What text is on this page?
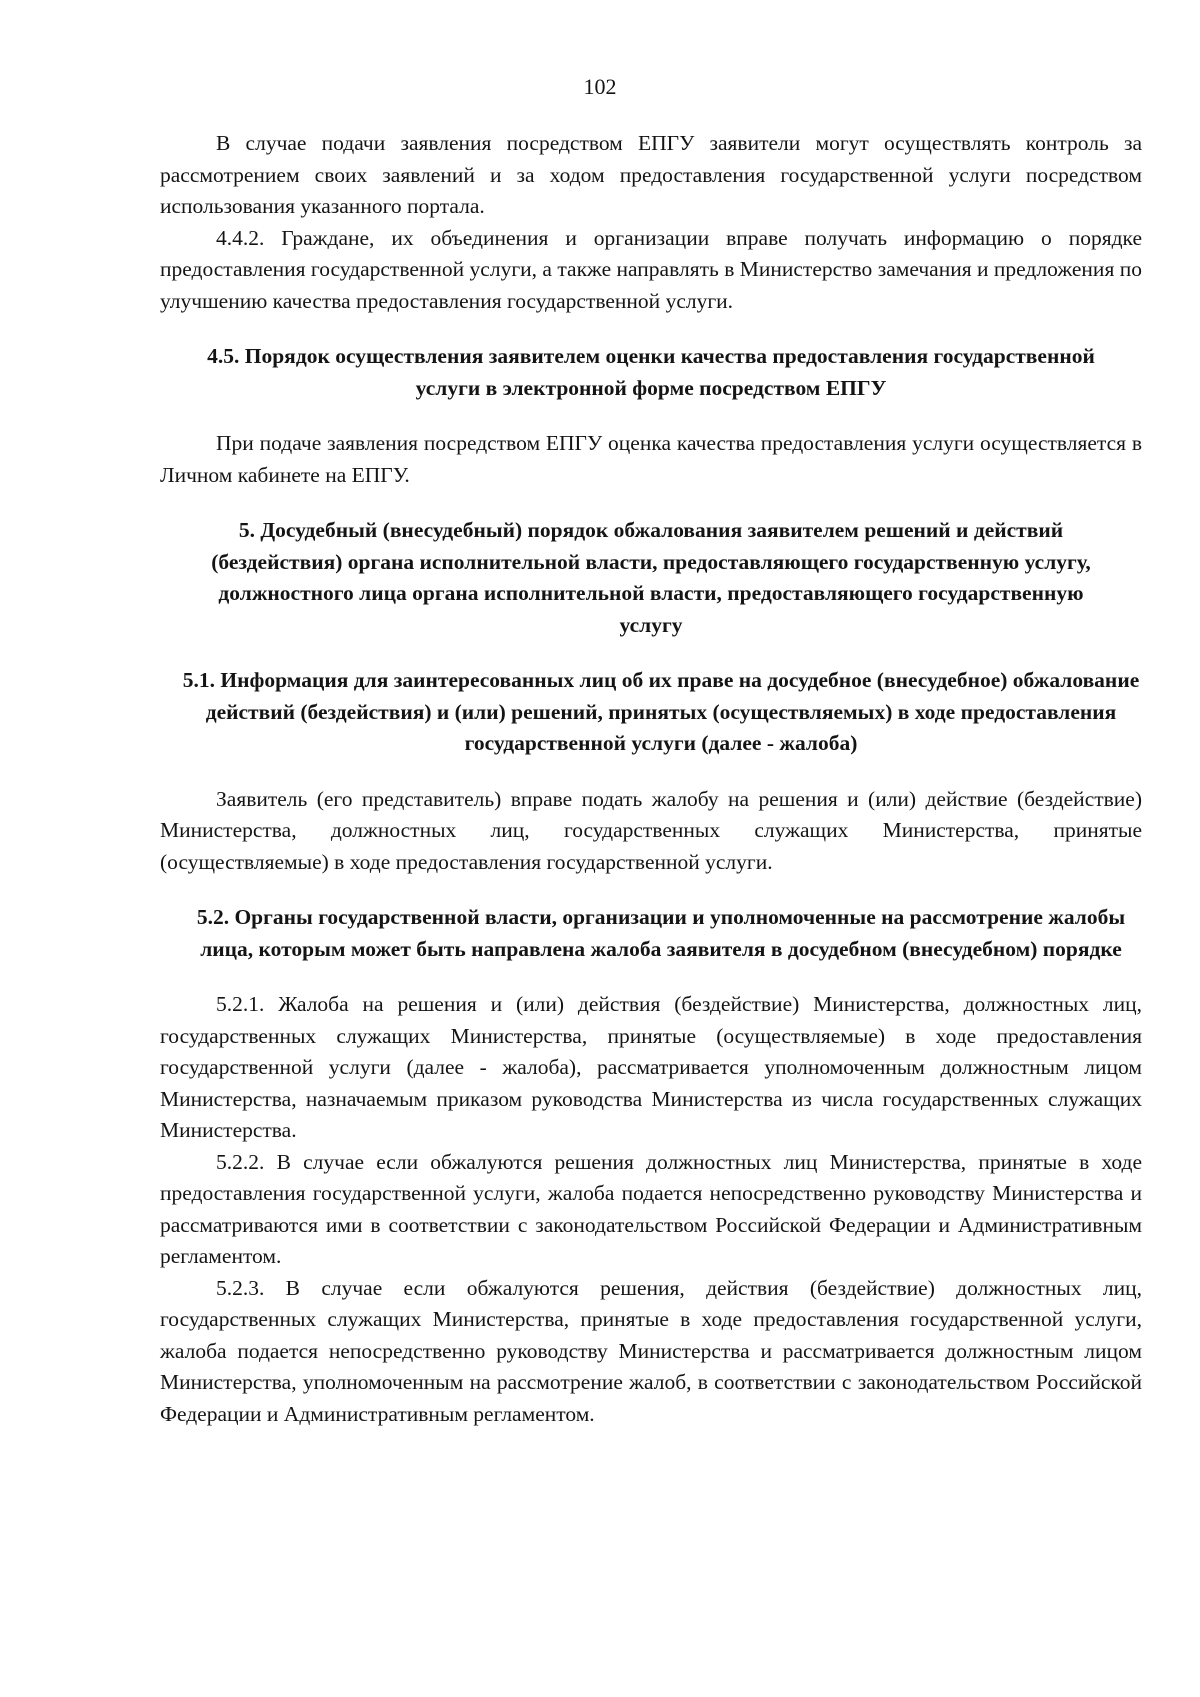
102

В случае подачи заявления посредством ЕПГУ заявители могут осуществлять контроль за рассмотрением своих заявлений и за ходом предоставления государственной услуги посредством использования указанного портала.

4.4.2. Граждане, их объединения и организации вправе получать информацию о порядке предоставления государственной услуги, а также направлять в Министерство замечания и предложения по улучшению качества предоставления государственной услуги.

4.5. Порядок осуществления заявителем оценки качества предоставления государственной услуги в электронной форме посредством ЕПГУ

При подаче заявления посредством ЕПГУ оценка качества предоставления услуги осуществляется в Личном кабинете на ЕПГУ.

5. Досудебный (внесудебный) порядок обжалования заявителем решений и действий (бездействия) органа исполнительной власти, предоставляющего государственную услугу, должностного лица органа исполнительной власти, предоставляющего государственную услугу
5.1. Информация для заинтересованных лиц об их праве на досудебное (внесудебное) обжалование действий (бездействия) и (или) решений, принятых (осуществляемых) в ходе предоставления государственной услуги (далее - жалоба)

Заявитель (его представитель) вправе подать жалобу на решения и (или) действие (бездействие) Министерства, должностных лиц, государственных служащих Министерства, принятые (осуществляемые) в ходе предоставления государственной услуги.

5.2. Органы государственной власти, организации и уполномоченные на рассмотрение жалобы лица, которым может быть направлена жалоба заявителя в досудебном (внесудебном) порядке

5.2.1. Жалоба на решения и (или) действия (бездействие) Министерства, должностных лиц, государственных служащих Министерства, принятые (осуществляемые) в ходе предоставления государственной услуги (далее - жалоба), рассматривается уполномоченным должностным лицом Министерства, назначаемым приказом руководства Министерства из числа государственных служащих Министерства.

5.2.2. В случае если обжалуются решения должностных лиц Министерства, принятые в ходе предоставления государственной услуги, жалоба подается непосредственно руководству Министерства и рассматриваются ими в соответствии с законодательством Российской Федерации и Административным регламентом.

5.2.3. В случае если обжалуются решения, действия (бездействие) должностных лиц, государственных служащих Министерства, принятые в ходе предоставления государственной услуги, жалоба подается непосредственно руководству Министерства и рассматривается должностным лицом Министерства, уполномоченным на рассмотрение жалоб, в соответствии с законодательством Российской Федерации и Административным регламентом.
